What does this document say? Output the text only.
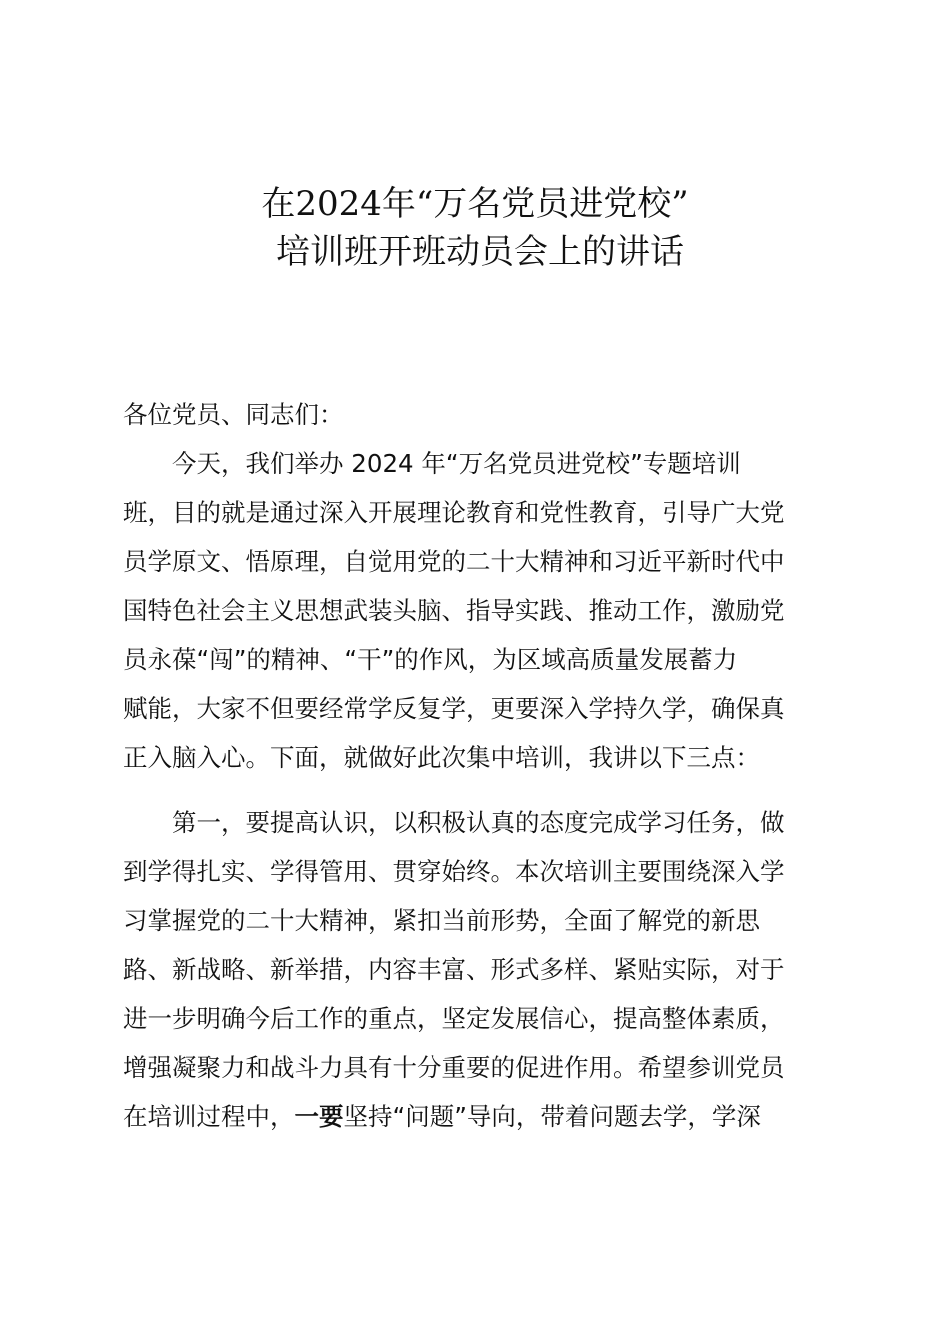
在2024年“万名党员进党校”
培训班开班动员会上的讲话

各位党员、同志们：

今天，我们举办 2024 年“万名党员进党校”专题培训

班，目的就是通过深入开展理论教育和党性教育，引导广大党

员学原文、悟原理，自觉用党的二十大精神和习近平新时代中

国特色社会主义思想武装头脑、指导实践、推动工作，激励党

员永葆“闯”的精神、“干”的作风，为区域高质量发展蓄力

赋能，大家不但要经常学反复学，更要深入学持久学，确保真

正入脑入心。下面，就做好此次集中培训，我讲以下三点：

第一，要提高认识，以积极认真的态度完成学习任务，做

到学得扎实、学得管用、贯穿始终。本次培训主要围绕深入学

习掌握党的二十大精神，紧扣当前形势，全面了解党的新思

路、新战略、新举措，内容丰富、形式多样、紧贴实际，对于

进一步明确今后工作的重点，坚定发展信心，提高整体素质，

增强凝聚力和战斗力具有十分重要的促进作用。希望参训党员

在培训过程中，一要坚持“问题”导向，带着问题去学，学深
